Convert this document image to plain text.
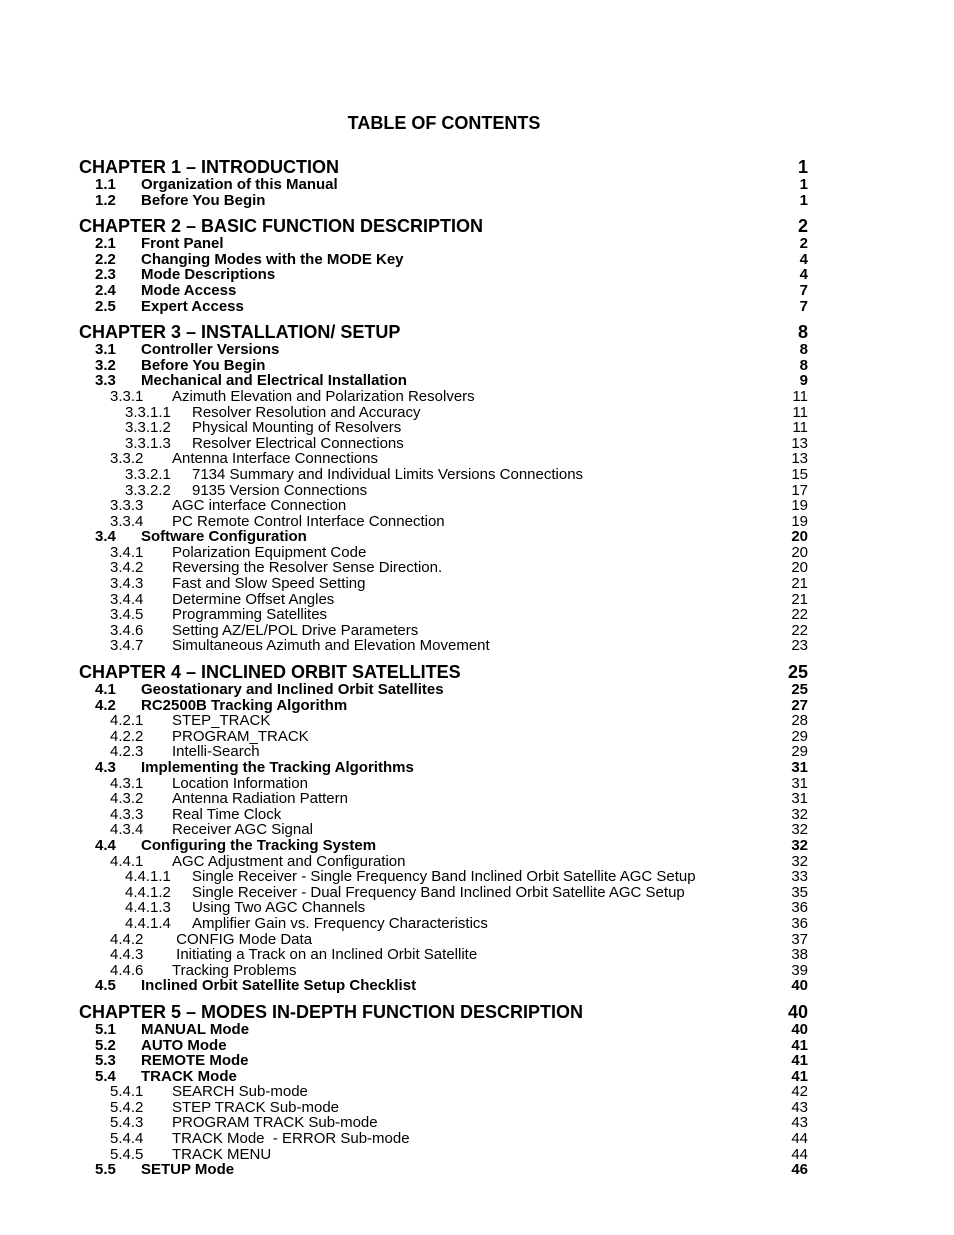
TABLE OF CONTENTS
CHAPTER 1 – INTRODUCTION	1
1.1	Organization of this Manual	1
1.2	Before You Begin	1
CHAPTER 2 – BASIC FUNCTION DESCRIPTION	2
2.1	Front Panel	2
2.2	Changing Modes with the MODE Key	4
2.3	Mode Descriptions	4
2.4	Mode Access	7
2.5	Expert Access	7
CHAPTER 3 – INSTALLATION/ SETUP	8
3.1	Controller Versions	8
3.2	Before You Begin	8
3.3	Mechanical and Electrical Installation	9
3.3.1	Azimuth Elevation and Polarization Resolvers	11
3.3.1.1	Resolver Resolution and Accuracy	11
3.3.1.2	Physical Mounting of Resolvers	11
3.3.1.3	Resolver Electrical Connections	13
3.3.2	Antenna Interface Connections	13
3.3.2.1	7134 Summary and Individual Limits Versions Connections	15
3.3.2.2	9135 Version Connections	17
3.3.3	AGC interface Connection	19
3.3.4	PC Remote Control Interface Connection	19
3.4	Software Configuration	20
3.4.1	Polarization Equipment Code	20
3.4.2	Reversing the Resolver Sense Direction.	20
3.4.3	Fast and Slow Speed Setting	21
3.4.4	Determine Offset Angles	21
3.4.5	Programming Satellites	22
3.4.6	Setting AZ/EL/POL Drive Parameters	22
3.4.7	Simultaneous Azimuth and Elevation Movement	23
CHAPTER 4 – INCLINED ORBIT SATELLITES	25
4.1	Geostationary and Inclined Orbit Satellites	25
4.2	RC2500B Tracking Algorithm	27
4.2.1	STEP_TRACK	28
4.2.2	PROGRAM_TRACK	29
4.2.3	Intelli-Search	29
4.3	Implementing the Tracking Algorithms	31
4.3.1	Location Information	31
4.3.2	Antenna Radiation Pattern	31
4.3.3	Real Time Clock	32
4.3.4	Receiver AGC Signal	32
4.4	Configuring the Tracking System	32
4.4.1	AGC Adjustment and Configuration	32
4.4.1.1	Single Receiver - Single Frequency Band Inclined Orbit Satellite AGC Setup	33
4.4.1.2	Single Receiver - Dual Frequency Band Inclined Orbit Satellite AGC Setup	35
4.4.1.3	Using Two AGC Channels	36
4.4.1.4	Amplifier Gain vs. Frequency Characteristics	36
4.4.2	CONFIG Mode Data	37
4.4.3	Initiating a Track on an Inclined Orbit Satellite	38
4.4.6	Tracking Problems	39
4.5	Inclined Orbit Satellite Setup Checklist	40
CHAPTER 5 – MODES IN-DEPTH FUNCTION DESCRIPTION	40
5.1	MANUAL Mode	40
5.2	AUTO Mode	41
5.3	REMOTE Mode	41
5.4	TRACK Mode	41
5.4.1	SEARCH Sub-mode	42
5.4.2	STEP TRACK Sub-mode	43
5.4.3	PROGRAM TRACK Sub-mode	43
5.4.4	TRACK Mode  - ERROR Sub-mode	44
5.4.5	TRACK MENU	44
5.5	SETUP Mode	46
